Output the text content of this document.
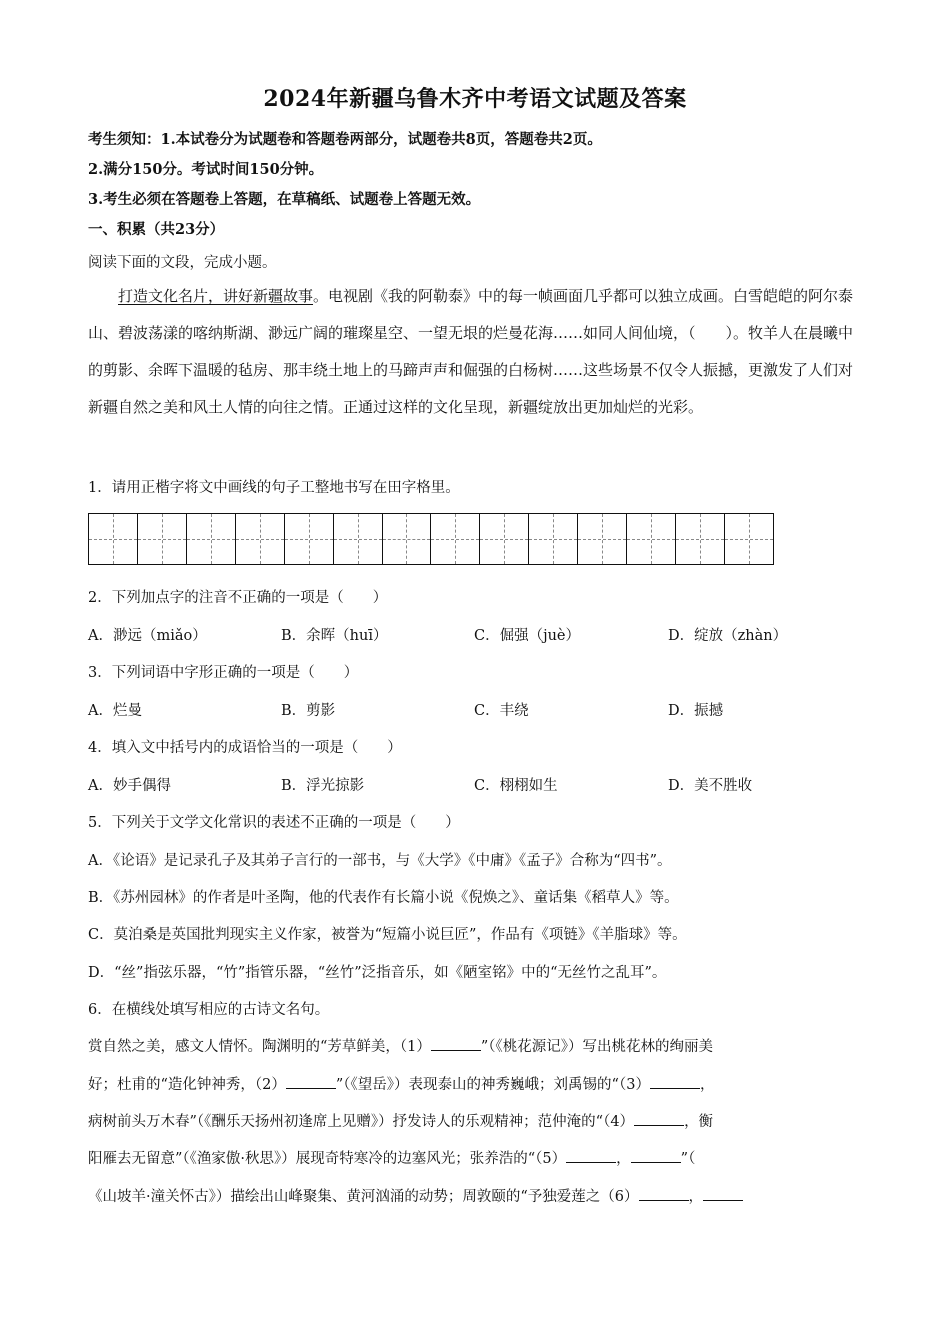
2024年新疆乌鲁木齐中考语文试题及答案
考生须知：1.本试卷分为试题卷和答题卷两部分，试题卷共8页，答题卷共2页。
2.满分150分。考试时间150分钟。
3.考生必须在答题卷上答题，在草稿纸、试题卷上答题无效。
一、积累（共23分）
阅读下面的文段，完成小题。
打造文化名片，讲好新疆故事。电视剧《我的阿勒泰》中的每一帧画面几乎都可以独立成画。白雪皑皑的阿尔泰山、碧波荡漾的喀纳斯湖、渺远广阔的璀璨星空、一望无垠的烂曼花海……如同人间仙境，（　　）。牧羊人在晨曦中的剪影、余晖下温暖的毡房、那丰绕土地上的马蹄声声和倔强的白杨树……这些场景不仅令人振撼，更激发了人们对新疆自然之美和风土人情的向往之情。正通过这样的文化呈现，新疆绽放出更加灿烂的光彩。
1．请用正楷字将文中画线的句子工整地书写在田字格里。
2．下列加点字的注音不正确的一项是（　　）
A．渺远（miǎo）	B．余晖（huī）	C．倔强（juè）	D．绽放（zhàn）
3．下列词语中字形正确的一项是（　　）
A．烂曼	B．剪影	C．丰绕	D．振撼
4．填入文中括号内的成语恰当的一项是（　　）
A．妙手偶得	B．浮光掠影	C．栩栩如生	D．美不胜收
5．下列关于文学文化常识的表述不正确的一项是（　　）
A．《论语》是记录孔子及其弟子言行的一部书，与《大学》《中庸》《孟子》合称为“四书”。
B．《苏州园林》的作者是叶圣陶，他的代表作有长篇小说《倪焕之》、童话集《稻草人》等。
C．莫泊桑是英国批判现实主义作家，被誉为“短篇小说巨匠”，作品有《项链》《羊脂球》等。
D．“丝”指弦乐器，“竹”指管乐器，“丝竹”泛指音乐，如《陋室铭》中的“无丝竹之乱耳”。
6．在横线处填写相应的古诗文名句。
赏自然之美，感文人情怀。陶渊明的“芳草鲜美，（1）	”（《桃花源记》）写出桃花林的绚丽美
好；杜甫的“造化钟神秀，（2）	”（《望岳》）表现泰山的神秀巍峨；刘禹锡的“（3）	，
病树前头万木春”（《酬乐天扬州初逢席上见赠》）抒发诗人的乐观精神；范仲淹的“（4）	，衡
阳雁去无留意”（《渔家傲·秋思》）展现奇特寒冷的边塞风光；张养浩的“（5）	，	”（
《山坡羊·潼关怀古》）描绘出山峰聚集、黄河汹涌的动势；周敦颐的“予独爱莲之（6）	，
